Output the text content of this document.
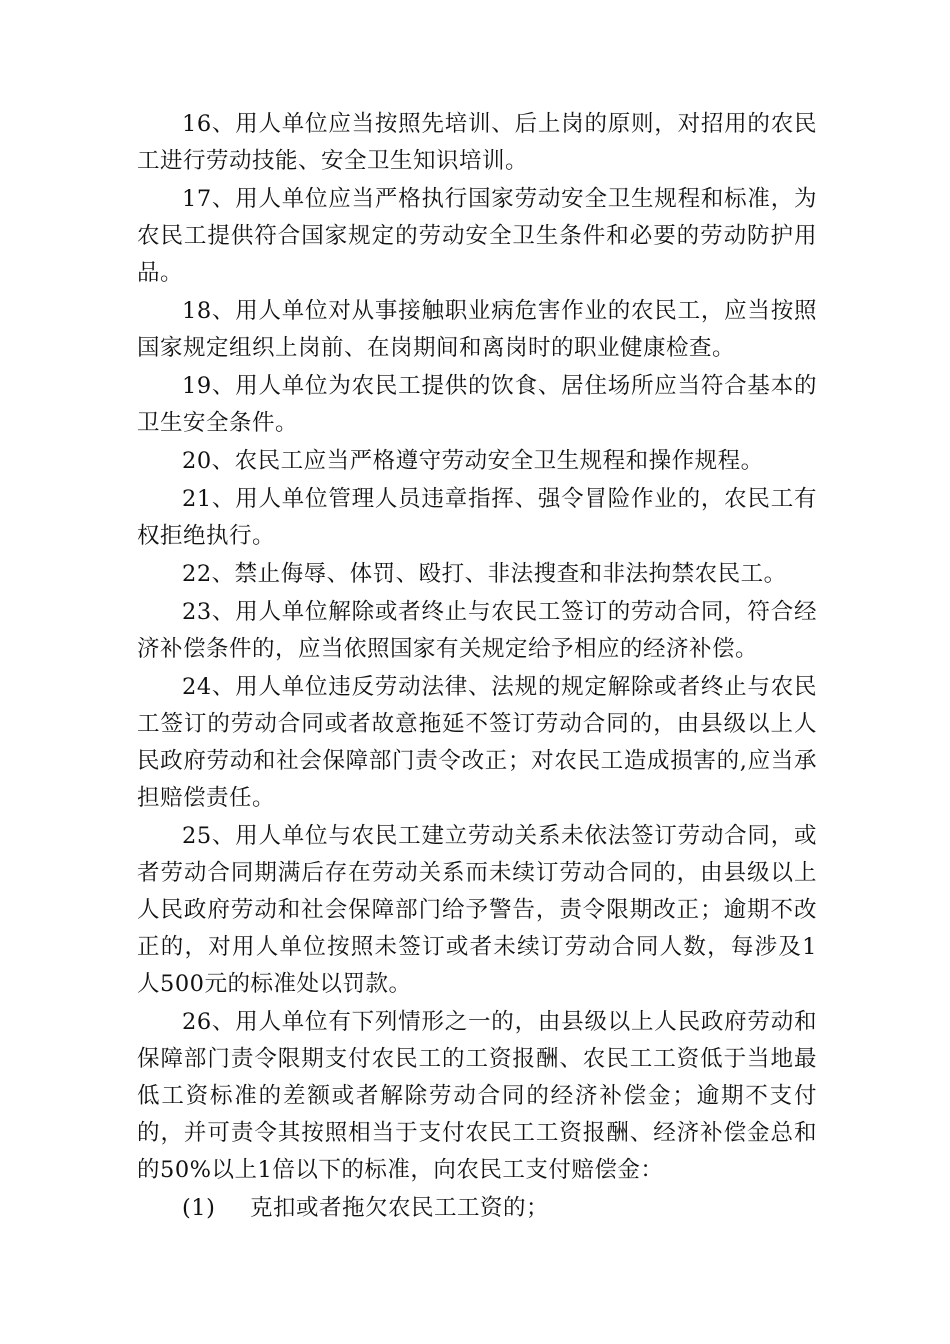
16、用人单位应当按照先培训、后上岗的原则，对招用的农民工进行劳动技能、安全卫生知识培训。

17、用人单位应当严格执行国家劳动安全卫生规程和标准，为农民工提供符合国家规定的劳动安全卫生条件和必要的劳动防护用品。

18、用人单位对从事接触职业病危害作业的农民工，应当按照国家规定组织上岗前、在岗期间和离岗时的职业健康检查。

19、用人单位为农民工提供的饮食、居住场所应当符合基本的卫生安全条件。

20、农民工应当严格遵守劳动安全卫生规程和操作规程。

21、用人单位管理人员违章指挥、强令冒险作业的，农民工有权拒绝执行。

22、禁止侮辱、体罚、殴打、非法搜查和非法拘禁农民工。

23、用人单位解除或者终止与农民工签订的劳动合同，符合经济补偿条件的，应当依照国家有关规定给予相应的经济补偿。

24、用人单位违反劳动法律、法规的规定解除或者终止与农民工签订的劳动合同或者故意拖延不签订劳动合同的，由县级以上人民政府劳动和社会保障部门责令改正；对农民工造成损害的,应当承担赔偿责任。

25、用人单位与农民工建立劳动关系未依法签订劳动合同，或者劳动合同期满后存在劳动关系而未续订劳动合同的，由县级以上人民政府劳动和社会保障部门给予警告，责令限期改正；逾期不改正的，对用人单位按照未签订或者未续订劳动合同人数，每涉及1人500元的标准处以罚款。

26、用人单位有下列情形之一的，由县级以上人民政府劳动和保障部门责令限期支付农民工的工资报酬、农民工工资低于当地最低工资标准的差额或者解除劳动合同的经济补偿金；逾期不支付的，并可责令其按照相当于支付农民工工资报酬、经济补偿金总和的50%以上1倍以下的标准，向农民工支付赔偿金：

(1) 克扣或者拖欠农民工工资的；
